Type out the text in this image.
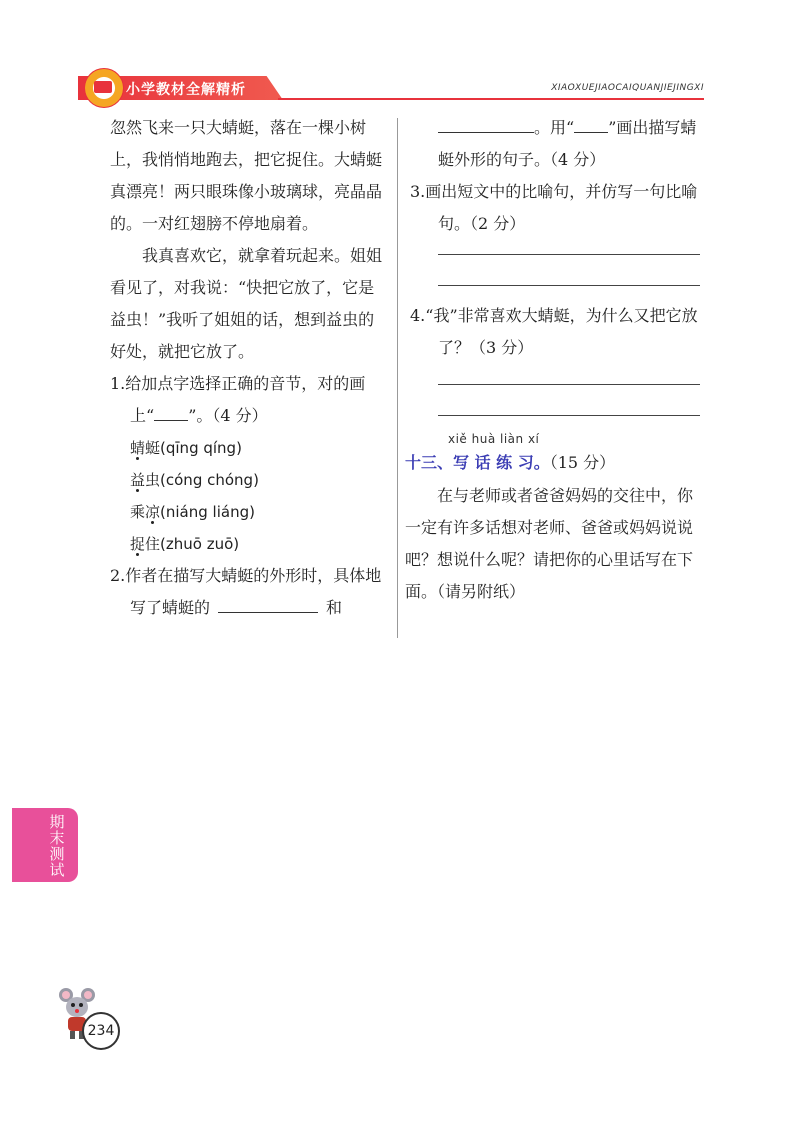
小学教材全解精析	XIAOXUEJIAOCAIQUANJIEJINGXI

忽然飞来一只大蜻蜓，落在一棵小树上，我悄悄地跑去，把它捉住。大蜻蜓真漂亮！两只眼珠像小玻璃球，亮晶晶的。一对红翅膀不停地扇着。

我真喜欢它，就拿着玩起来。姐姐看见了，对我说：“快把它放了，它是益虫！”我听了姐姐的话，想到益虫的好处，就把它放了。

1.给加点字选择正确的音节，对的画上“ ”。（4 分）

蜻蜓(qīng qíng)

益虫(cóng chóng)

乘凉(niáng liáng)

捉住(zhuō zuō)

2.作者在描写大蜻蜓的外形时，具体地写了蜻蜓的	和

。用“ ”画出描写蜻蜓外形的句子。（4 分）

3.画出短文中的比喻句，并仿写一句比喻句。（2 分）

4.“我”非常喜欢大蜻蜓，为什么又把它放了？（3 分）

xiě huà liàn xí
十三、写 话 练 习。（15 分）

在与老师或者爸爸妈妈的交往中，你一定有许多话想对老师、爸爸或妈妈说说吧？想说什么呢？请把你的心里话写在下面。（请另附纸）

期末测试
234
